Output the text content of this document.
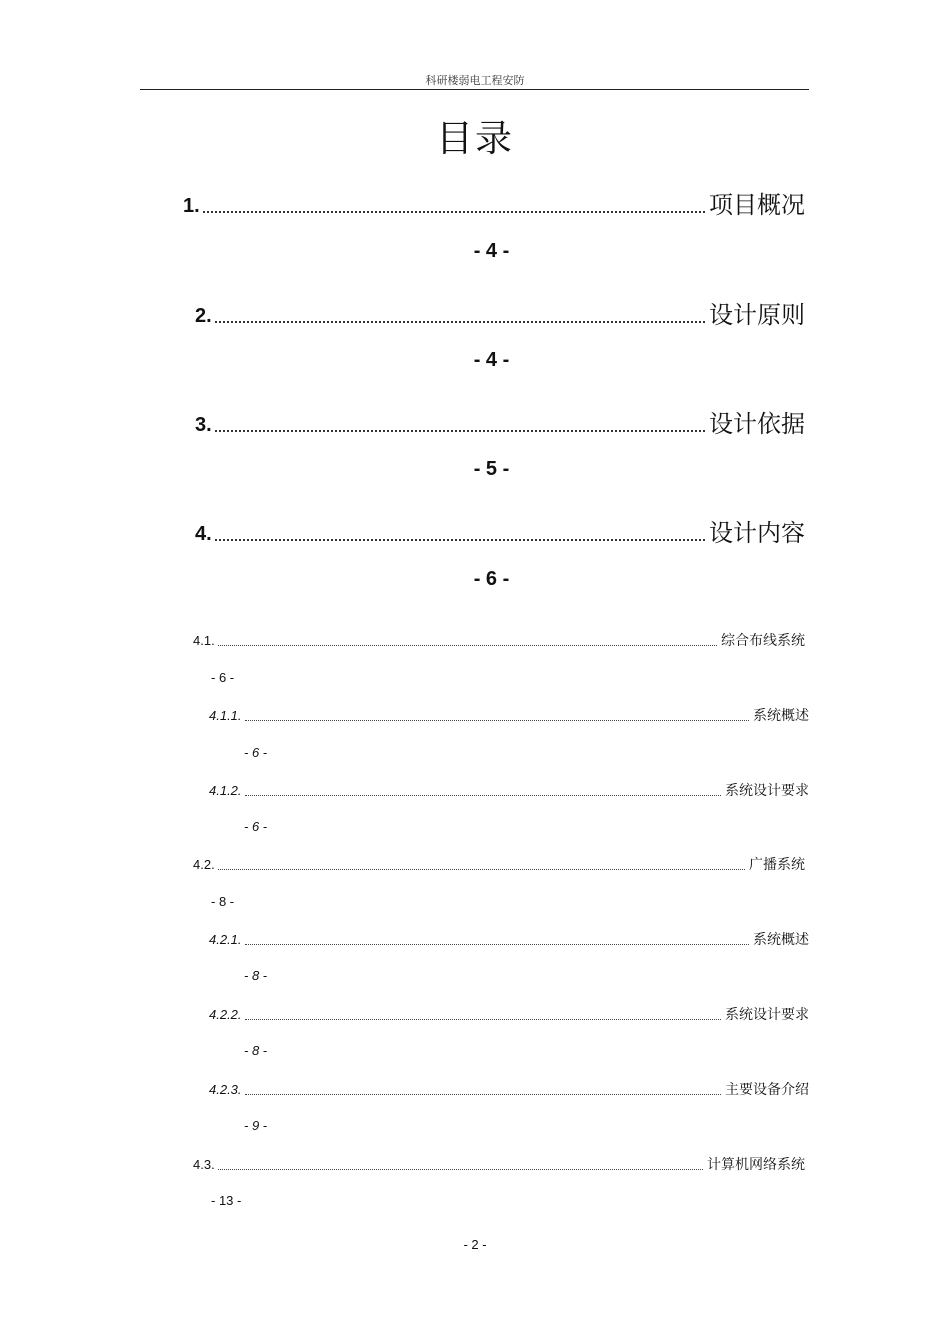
科研楼弱电工程安防
目录
1.	项目概况
- 4 -
2.	设计原则
- 4 -
3.	设计依据
- 5 -
4.	设计内容
- 6 -
4.1.	综合布线系统
- 6 -
4.1.1.	系统概述
- 6 -
4.1.2.	系统设计要求
- 6 -
4.2.	广播系统
- 8 -
4.2.1.	系统概述
- 8 -
4.2.2.	系统设计要求
- 8 -
4.2.3.	主要设备介绍
- 9 -
4.3.	计算机网络系统
- 13 -
- 2 -
